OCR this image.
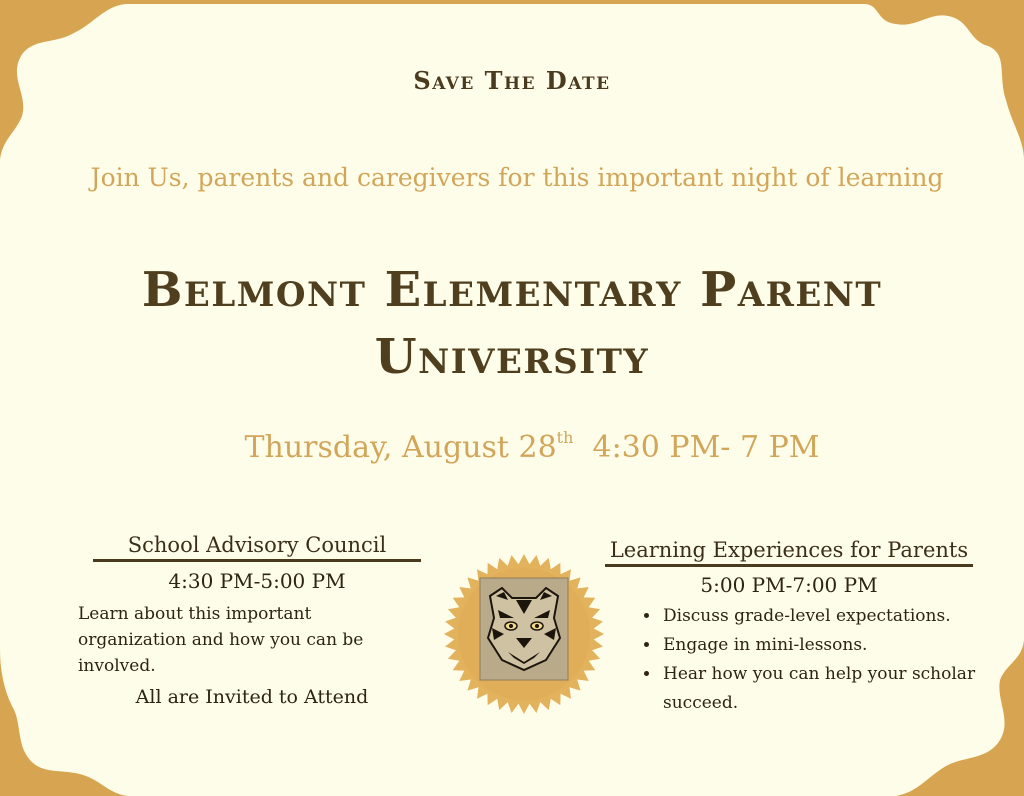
Save The Date

Join Us, parents and caregivers for this important night of learning

Belmont Elementary Parent

University

Thursday, August 28th 4:30 PM- 7 PM

School Advisory Council
4:30 PM-5:00 PM
Learn about this important organization and how you can be involved.
All are Invited to Attend
Learning Experiences for Parents
5:00 PM-7:00 PM
• Discuss grade-level expectations.
• Engage in mini-lessons.
• Hear how you can help your scholar succeed.
